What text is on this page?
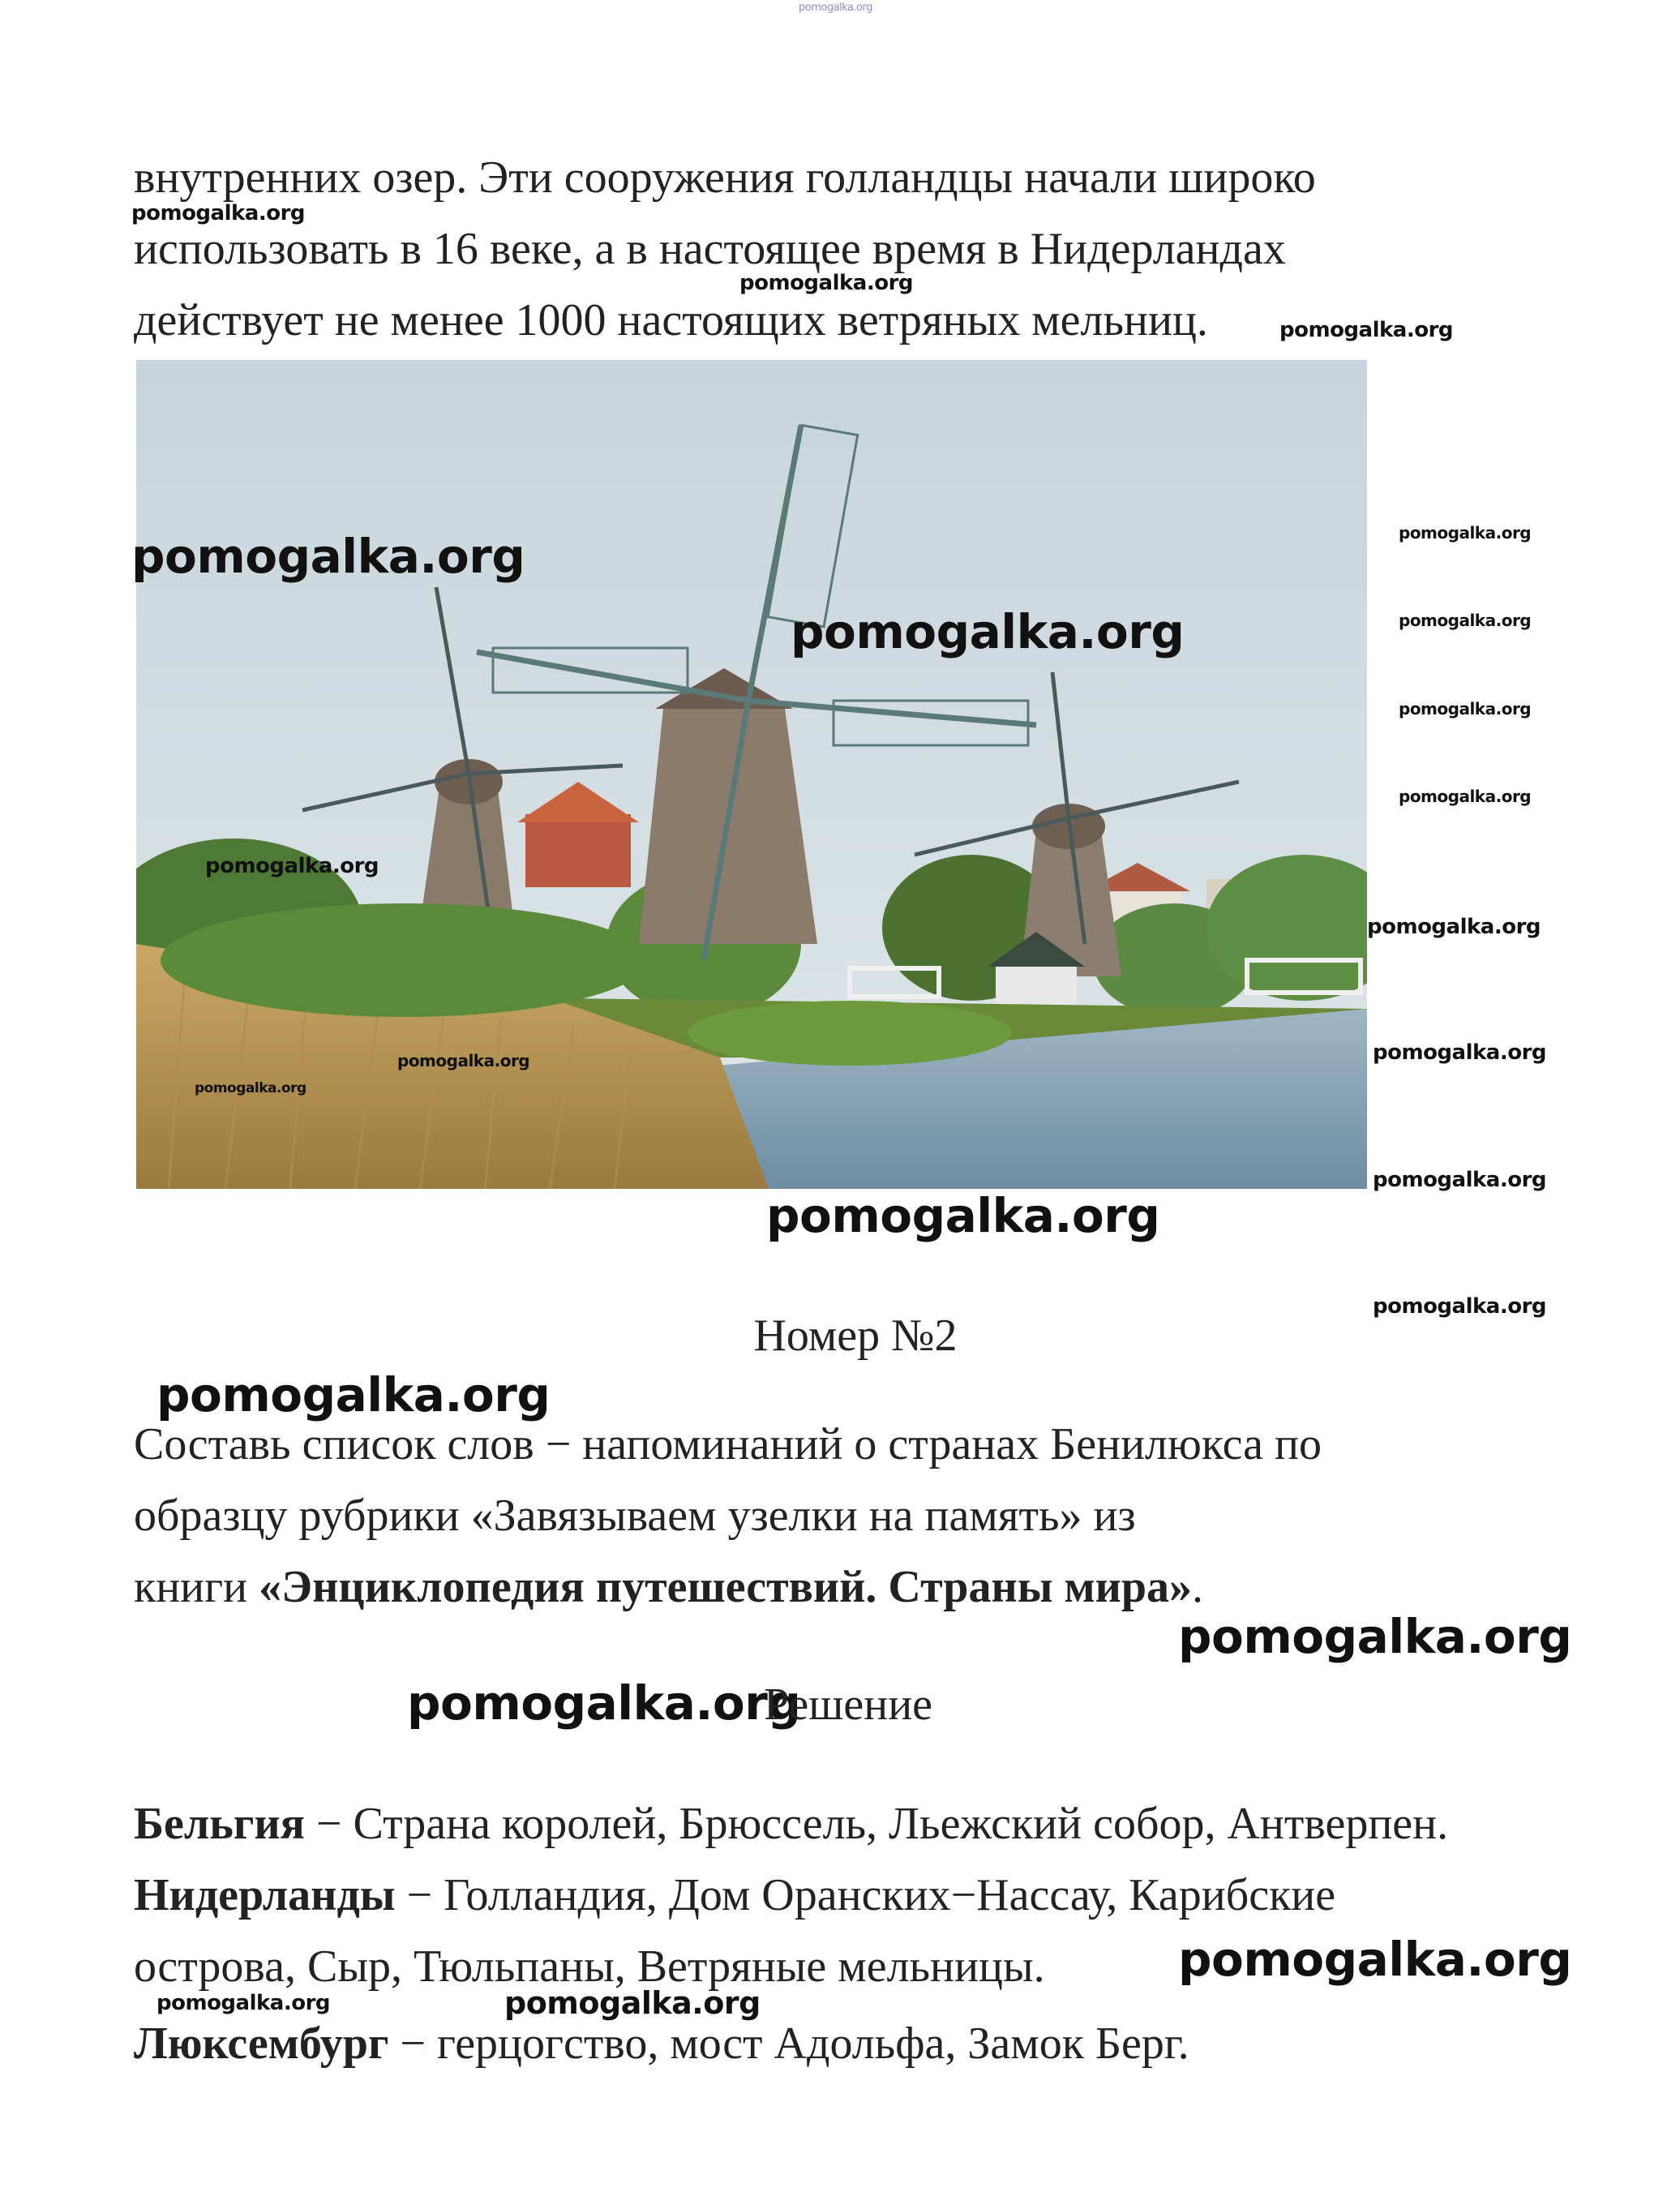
pomogalka.org

внутренних озер. Эти сооружения голландцы начали широко

использовать в 16 веке, а в настоящее время в Нидерландах

действует не менее 1000 настоящих ветряных мельниц.

pomogalka.org
pomogalka.org
pomogalka.org
pomogalka.org
pomogalka.org
pomogalka.org
pomogalka.org
pomogalka.org
pomogalka.org
pomogalka.org
pomogalka.org
pomogalka.org
pomogalka.org
pomogalka.org
pomogalka.org
pomogalka.org
pomogalka.org
pomogalka.org
pomogalka.org
pomogalka.org
pomogalka.org
pomogalka.org	pomogalka.org
Номер №2

Составь список слов − напоминаний о странах Бенилюкса по

образцу рубрики «Завязываем узелки на память» из

книги «Энциклопедия путешествий. Страны мира».

Решение

Бельгия − Страна королей, Брюссель, Льежский собор, Антверпен.

Нидерланды − Голландия, Дом Оранских−Нассау, Карибские

острова, Сыр, Тюльпаны, Ветряные мельницы.

Люксембург − герцогство, мост Адольфа, Замок Берг.
